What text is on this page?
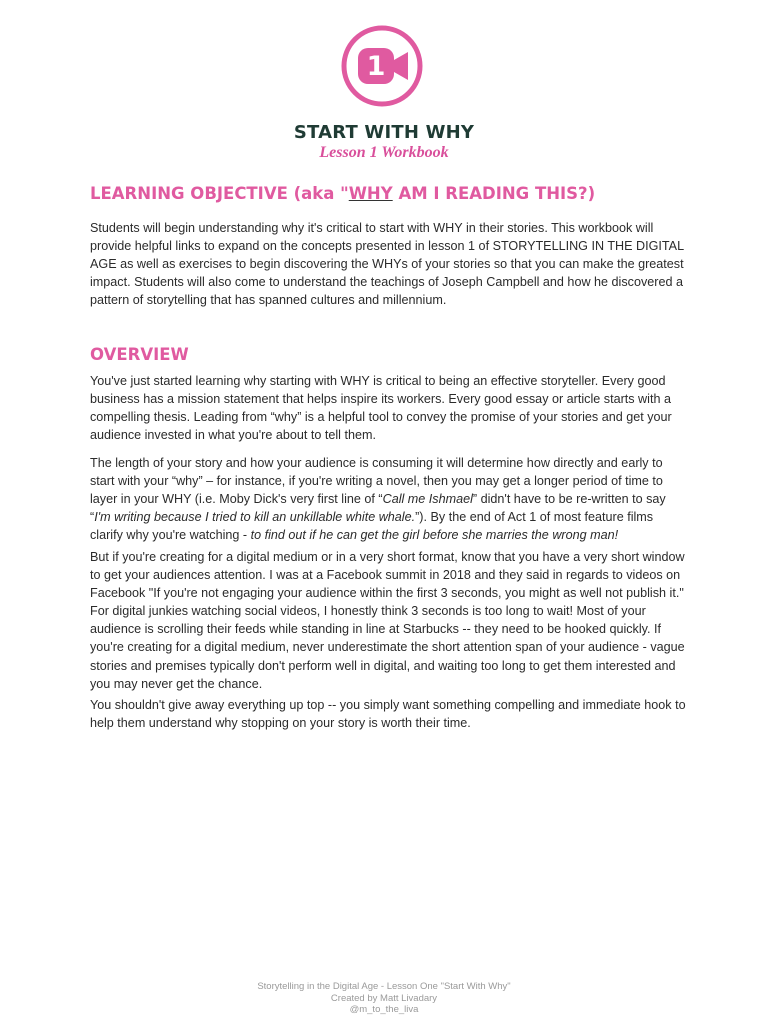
1
START WITH WHY
Lesson 1 Workbook
LEARNING OBJECTIVE (aka "WHY AM I READING THIS?)
Students will begin understanding why it's critical to start with WHY in their stories. This workbook will provide helpful links to expand on the concepts presented in lesson 1 of STORYTELLING IN THE DIGITAL AGE as well as exercises to begin discovering the WHYs of your stories so that you can make the greatest impact. Students will also come to understand the teachings of Joseph Campbell and how he discovered a pattern of storytelling that has spanned cultures and millennium.
OVERVIEW
You've just started learning why starting with WHY is critical to being an effective storyteller. Every good business has a mission statement that helps inspire its workers. Every good essay or article starts with a compelling thesis. Leading from “why” is a helpful tool to convey the promise of your stories and get your audience invested in what you're about to tell them.
The length of your story and how your audience is consuming it will determine how directly and early to start with your “why” – for instance, if you're writing a novel, then you may get a longer period of time to layer in your WHY (i.e. Moby Dick's very first line of “Call me Ishmael” didn't have to be re-written to say “I'm writing because I tried to kill an unkillable white whale.”). By the end of Act 1 of most feature films clarify why you're watching - to find out if he can get the girl before she marries the wrong man!
But if you're creating for a digital medium or in a very short format, know that you have a very short window to get your audiences attention. I was at a Facebook summit in 2018 and they said in regards to videos on Facebook "If you're not engaging your audience within the first 3 seconds, you might as well not publish it." For digital junkies watching social videos, I honestly think 3 seconds is too long to wait! Most of your audience is scrolling their feeds while standing in line at Starbucks -- they need to be hooked quickly. If you're creating for a digital medium, never underestimate the short attention span of your audience - vague stories and premises typically don't perform well in digital, and waiting too long to get them interested and you may never get the chance.
You shouldn't give away everything up top -- you simply want something compelling and immediate hook to help them understand why stopping on your story is worth their time.
Storytelling in the Digital Age - Lesson One "Start With Why"
Created by Matt Livadary
@m_to_the_liva
